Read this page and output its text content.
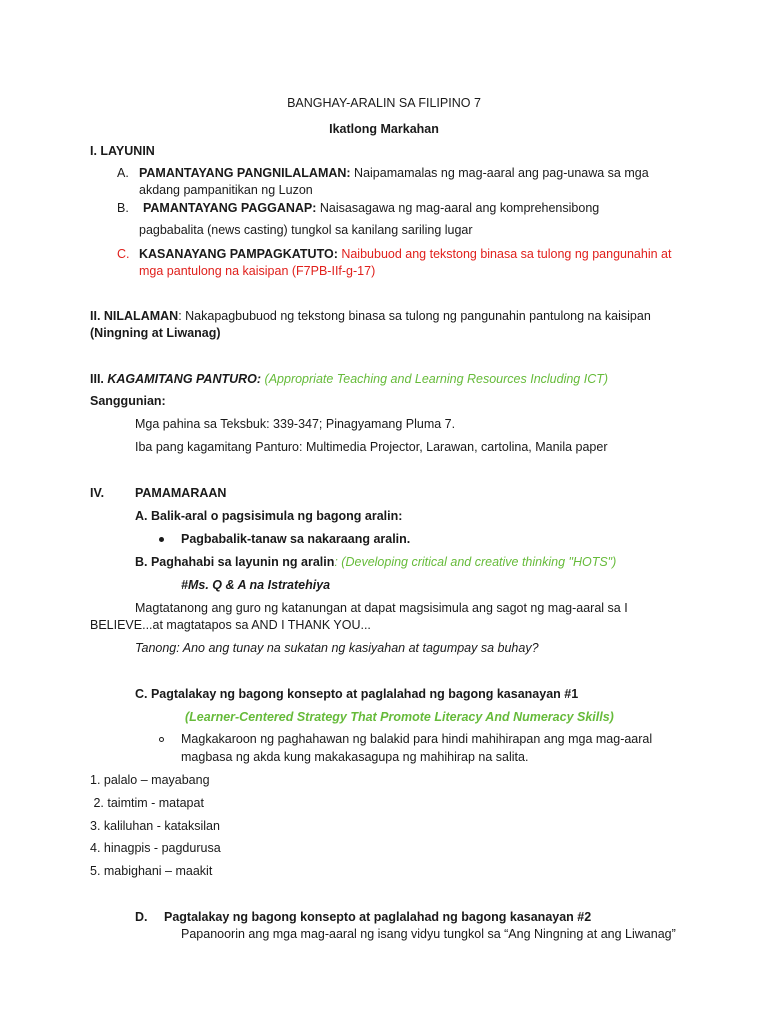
BANGHAY-ARALIN SA FILIPINO 7
Ikatlong Markahan
I. LAYUNIN
A. PAMANTAYANG PANGNILALAMAN: Naipamamalas ng mag-aaral ang pag-unawa sa mga
akdang pampanitikan ng Luzon
B. PAMANTAYANG PAGGANAP: Naisasagawa ng mag-aaral ang komprehensibong
pagbabalita (news casting) tungkol sa kanilang sariling lugar
C. KASANAYANG PAMPAGKATUTO: Naibubuod ang tekstong binasa sa tulong ng pangunahin at
mga pantulong na kaisipan (F7PB-IIf-g-17)
II. NILALAMAN: Nakapagbubuod ng tekstong binasa sa tulong ng pangunahin pantulong na kaisipan
(Ningning at Liwanag)
III. KAGAMITANG PANTURO: (Appropriate Teaching and Learning Resources Including ICT)
Sanggunian:
Mga pahina sa Teksbuk: 339-347; Pinagyamang Pluma 7.
Iba pang kagamitang Panturo: Multimedia Projector, Larawan, cartolina, Manila paper
IV. PAMAMARAAN
A. Balik-aral o pagsisimula ng bagong aralin:
Pagbabalik-tanaw sa nakaraang aralin.
B. Paghahabi sa layunin ng aralin: (Developing critical and creative thinking "HOTS")
#Ms. Q & A na Istratehiya
Magtatanong ang guro ng katanungan at dapat magsisimula ang sagot ng mag-aaral sa I
BELIEVE...at magtatapos sa AND I THANK YOU...
Tanong: Ano ang tunay na sukatan ng kasiyahan at tagumpay sa buhay?
C. Pagtalakay ng bagong konsepto at paglalahad ng bagong kasanayan #1
(Learner-Centered Strategy That Promote Literacy And Numeracy Skills)
Magkakaroon ng paghahawan ng balakid para hindi mahihirapan ang mga mag-aaral
magbasa ng akda kung makakasagupa ng mahihirap na salita.
1. palalo – mayabang
2. taimtim - matapat
3. kaliluhan - kataksilan
4. hinagpis - pagdurusa
5. mabighani – maakit
D. Pagtalakay ng bagong konsepto at paglalahad ng bagong kasanayan #2
Papanoorin ang mga mag-aaral ng isang vidyu tungkol sa “Ang Ningning at ang Liwanag”
